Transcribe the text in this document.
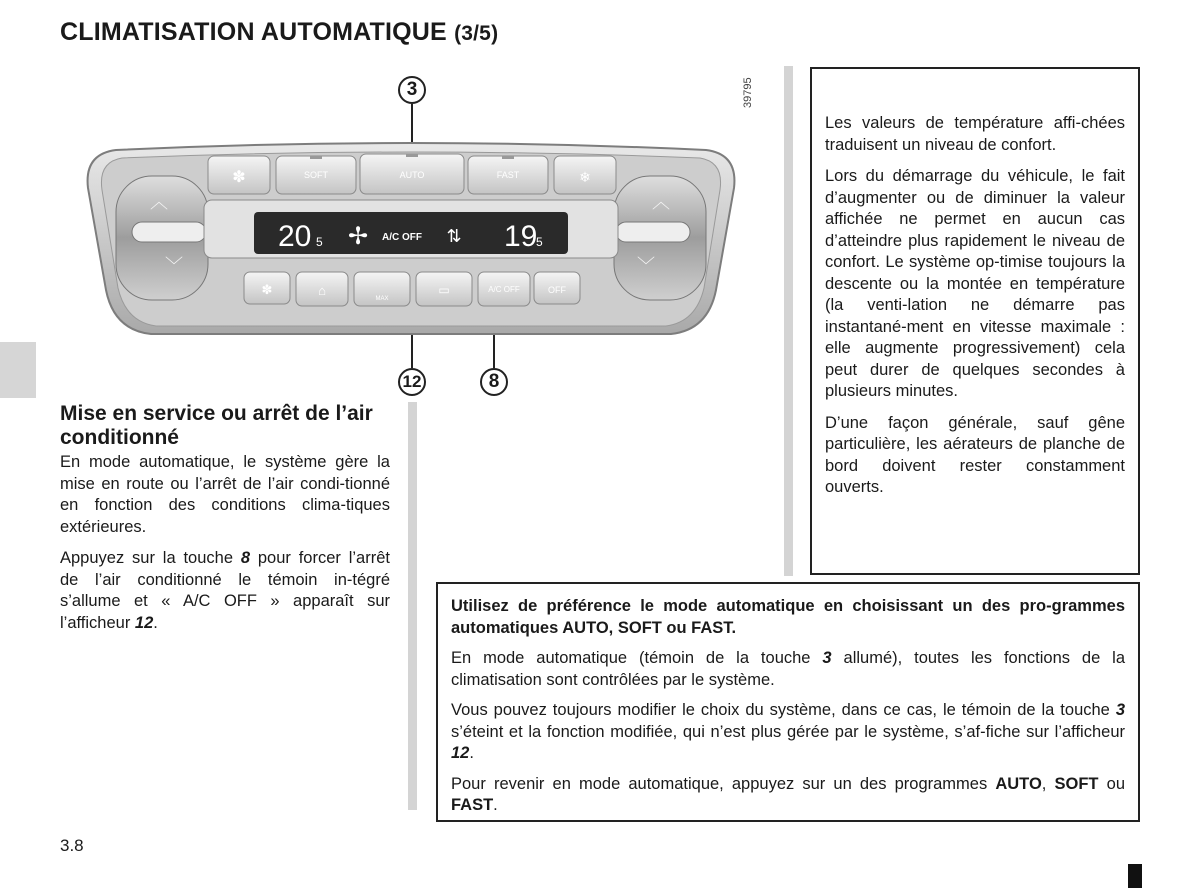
CLIMATISATION AUTOMATIQUE (3/5)
39795
3
12	8
︿
﹀
︿
﹀
SOFT	AUTO	FAST
✽	❄
20 5 ✢ A/C OFF ⇅ 19
5
✽	⌂
MAX
▭	A/C OFF	OFF
Mise en service ou arrêt de l’air conditionné

En mode automatique, le système gère la mise en route ou l’arrêt de l’air condi-tionné en fonction des conditions clima-tiques extérieures.

Appuyez sur la touche 8 pour forcer l’arrêt de l’air conditionné le témoin in-tégré s’allume et « A/C OFF » apparaît sur l’afficheur 12.

Les valeurs de température affi-chées traduisent un niveau de confort.

Lors du démarrage du véhicule, le fait d’augmenter ou de diminuer la valeur affichée ne permet en aucun cas d’atteindre plus rapidement le niveau de confort. Le système op-timise toujours la descente ou la montée en température (la venti-lation ne démarre pas instantané-ment en vitesse maximale : elle augmente progressivement) cela peut durer de quelques secondes à plusieurs minutes.

D’une façon générale, sauf gêne particulière, les aérateurs de planche de bord doivent rester constamment ouverts.

Utilisez de préférence le mode automatique en choisissant un des pro-grammes automatiques AUTO, SOFT ou FAST.

En mode automatique (témoin de la touche 3 allumé), toutes les fonctions de la climatisation sont contrôlées par le système.

Vous pouvez toujours modifier le choix du système, dans ce cas, le témoin de la touche 3 s’éteint et la fonction modifiée, qui n’est plus gérée par le système, s’af-fiche sur l’afficheur 12.

Pour revenir en mode automatique, appuyez sur un des programmes AUTO, SOFT ou FAST.

3.8
